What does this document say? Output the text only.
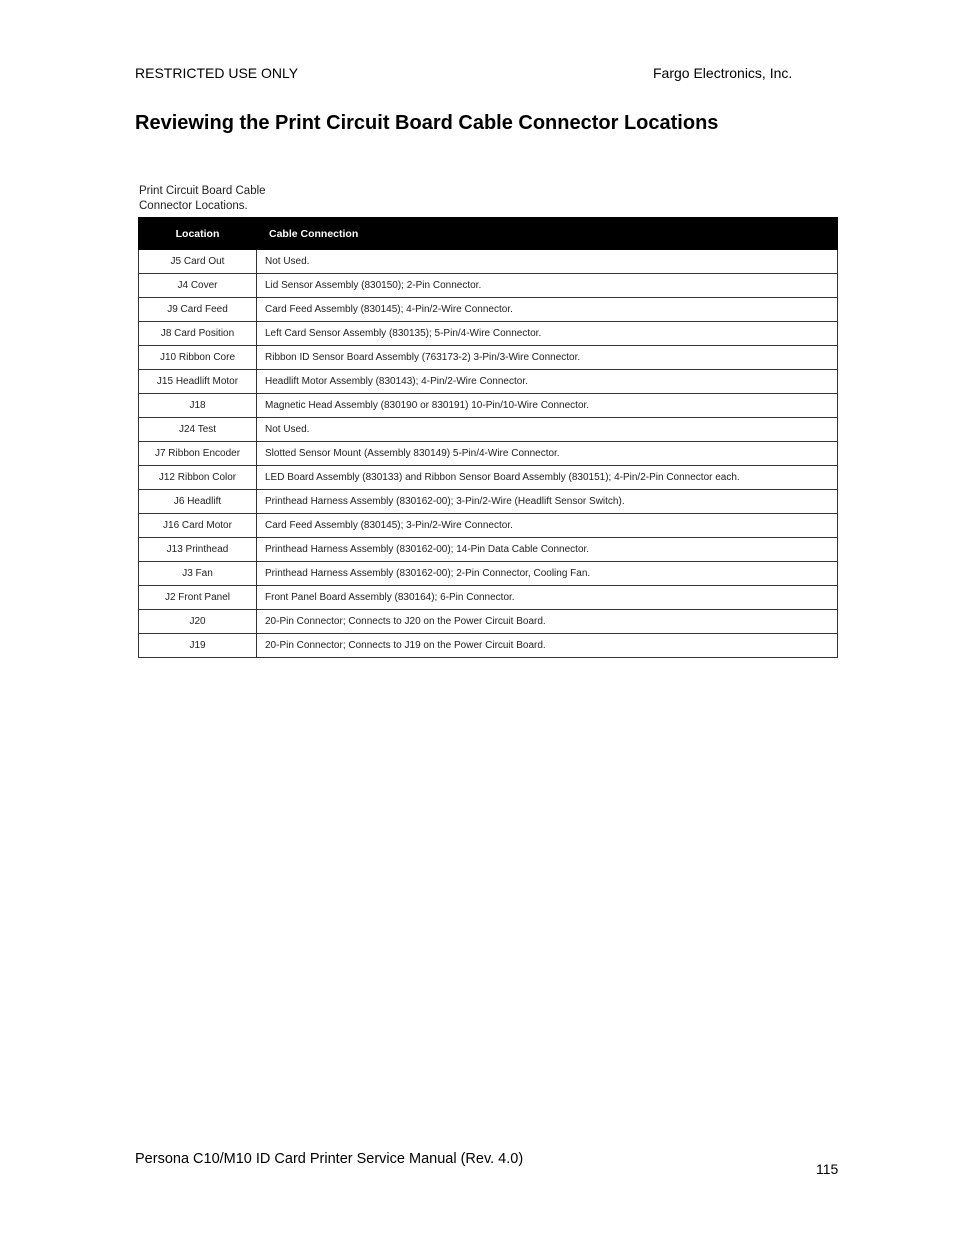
RESTRICTED USE ONLY	Fargo Electronics, Inc.
Reviewing the Print Circuit Board Cable Connector Locations
Print Circuit Board Cable Connector Locations.
Location	Cable Connection
J5 Card Out	Not Used.
J4 Cover	Lid Sensor Assembly (830150); 2-Pin Connector.
J9 Card Feed	Card Feed Assembly (830145); 4-Pin/2-Wire Connector.
J8 Card Position	Left Card Sensor Assembly (830135); 5-Pin/4-Wire Connector.
J10 Ribbon Core	Ribbon ID Sensor Board Assembly (763173-2) 3-Pin/3-Wire Connector.
J15 Headlift Motor	Headlift Motor Assembly (830143); 4-Pin/2-Wire Connector.
J18	Magnetic Head Assembly (830190 or 830191) 10-Pin/10-Wire Connector.
J24 Test	Not Used.
J7 Ribbon Encoder	Slotted Sensor Mount (Assembly 830149) 5-Pin/4-Wire Connector.
J12 Ribbon Color	LED Board Assembly (830133) and Ribbon Sensor Board Assembly (830151); 4-Pin/2-Pin Connector each.
J6 Headlift	Printhead Harness Assembly (830162-00); 3-Pin/2-Wire (Headlift Sensor Switch).
J16 Card Motor	Card Feed Assembly (830145); 3-Pin/2-Wire Connector.
J13 Printhead	Printhead Harness Assembly (830162-00); 14-Pin Data Cable Connector.
J3 Fan	Printhead Harness Assembly (830162-00); 2-Pin Connector, Cooling Fan.
J2 Front Panel	Front Panel Board Assembly (830164); 6-Pin Connector.
J20	20-Pin Connector; Connects to J20 on the Power Circuit Board.
J19	20-Pin Connector; Connects to J19 on the Power Circuit Board.
Persona C10/M10 ID Card Printer Service Manual (Rev. 4.0)
115
